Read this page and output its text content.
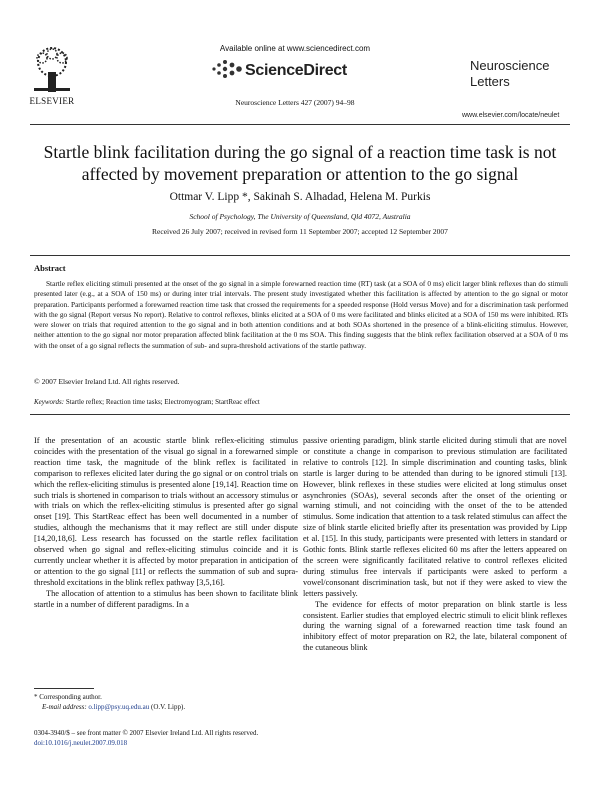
ELSEVIER
Available online at www.sciencedirect.com
ScienceDirect
Neuroscience Letters 427 (2007) 94–98
Neuroscience
Letters
www.elsevier.com/locate/neulet
Startle blink facilitation during the go signal of a reaction time task is not affected by movement preparation or attention to the go signal
Ottmar V. Lipp *, Sakinah S. Alhadad, Helena M. Purkis
School of Psychology, The University of Queensland, Qld 4072, Australia
Received 26 July 2007; received in revised form 11 September 2007; accepted 12 September 2007
Abstract

Startle reflex eliciting stimuli presented at the onset of the go signal in a simple forewarned reaction time (RT) task (at a SOA of 0 ms) elicit larger blink reflexes than do stimuli presented later (e.g., at a SOA of 150 ms) or during inter trial intervals. The present study investigated whether this facilitation is affected by attention to the go signal or motor preparation. Participants performed a forewarned reaction time task that crossed the requirements for a speeded response (Hold versus Move) and for a discrimination task performed with the go signal (Report versus No report). Relative to control reflexes, blinks elicited at a SOA of 0 ms were facilitated and blinks elicited at a SOA of 150 ms were inhibited. RTs were slower on trials that required attention to the go signal and in both attention conditions and at both SOAs shortened in the presence of a blink-eliciting stimulus. However, neither attention to the go signal nor motor preparation affected blink facilitation at the 0 ms SOA. This finding suggests that the blink reflex facilitation observed at a SOA of 0 ms with the onset of a go signal reflects the summation of sub- and supra-threshold activations of the startle pathway.

© 2007 Elsevier Ireland Ltd. All rights reserved.
Keywords: Startle reflex; Reaction time tasks; Electromyogram; StartReac effect

If the presentation of an acoustic startle blink reflex-eliciting stimulus coincides with the presentation of the visual go signal in a forewarned simple reaction time task, the magnitude of the blink reflex is facilitated in comparison to reflexes elicited later during the go signal or on control trials on which the reflex-eliciting stimulus is presented alone [19,14]. Reaction time on such trials is shortened in comparison to trials without an accessory stimulus or with trials on which the reflex-eliciting stimulus is presented after go signal onset [19]. This StartReac effect has been well documented in a number of studies, although the mechanisms that it may reflect are still under dispute [14,20,18,6]. Less research has focussed on the startle reflex facilitation observed when go signal and reflex-eliciting stimulus coincide and it is currently unclear whether it is affected by motor preparation in anticipation of or attention to the go signal [11] or reflects the summation of sub and supra-threshold excitations in the blink reflex pathway [3,5,16].

The allocation of attention to a stimulus has been shown to facilitate blink startle in a number of different paradigms. In a

passive orienting paradigm, blink startle elicited during stimuli that are novel or constitute a change in comparison to previous stimulation are facilitated relative to controls [12]. In simple discrimination and counting tasks, blink startle is larger during to be attended than during to be ignored stimuli [13]. However, blink reflexes in these studies were elicited at long stimulus onset asynchronies (SOAs), several seconds after the onset of the orienting or warning stimuli, and not coinciding with the onset of the to be attended stimulus. Some indication that attention to a task related stimulus can affect the size of blink startle elicited briefly after its presentation was provided by Lipp et al. [15]. In this study, participants were presented with letters in standard or Gothic fonts. Blink startle reflexes elicited 60 ms after the letters appeared on the screen were significantly facilitated relative to control reflexes elicited during stimulus free intervals if participants were asked to perform a vowel/consonant discrimination task, but not if they were asked to view the letters passively.

The evidence for effects of motor preparation on blink startle is less consistent. Earlier studies that employed electric stimuli to elicit blink reflexes during the warning signal of a forewarned reaction time task found an inhibitory effect of motor preparation on R2, the late, bilateral component of the cutaneous blink

* Corresponding author.
E-mail address: o.lipp@psy.uq.edu.au (O.V. Lipp).
0304-3940/$ – see front matter © 2007 Elsevier Ireland Ltd. All rights reserved.
doi:10.1016/j.neulet.2007.09.018
